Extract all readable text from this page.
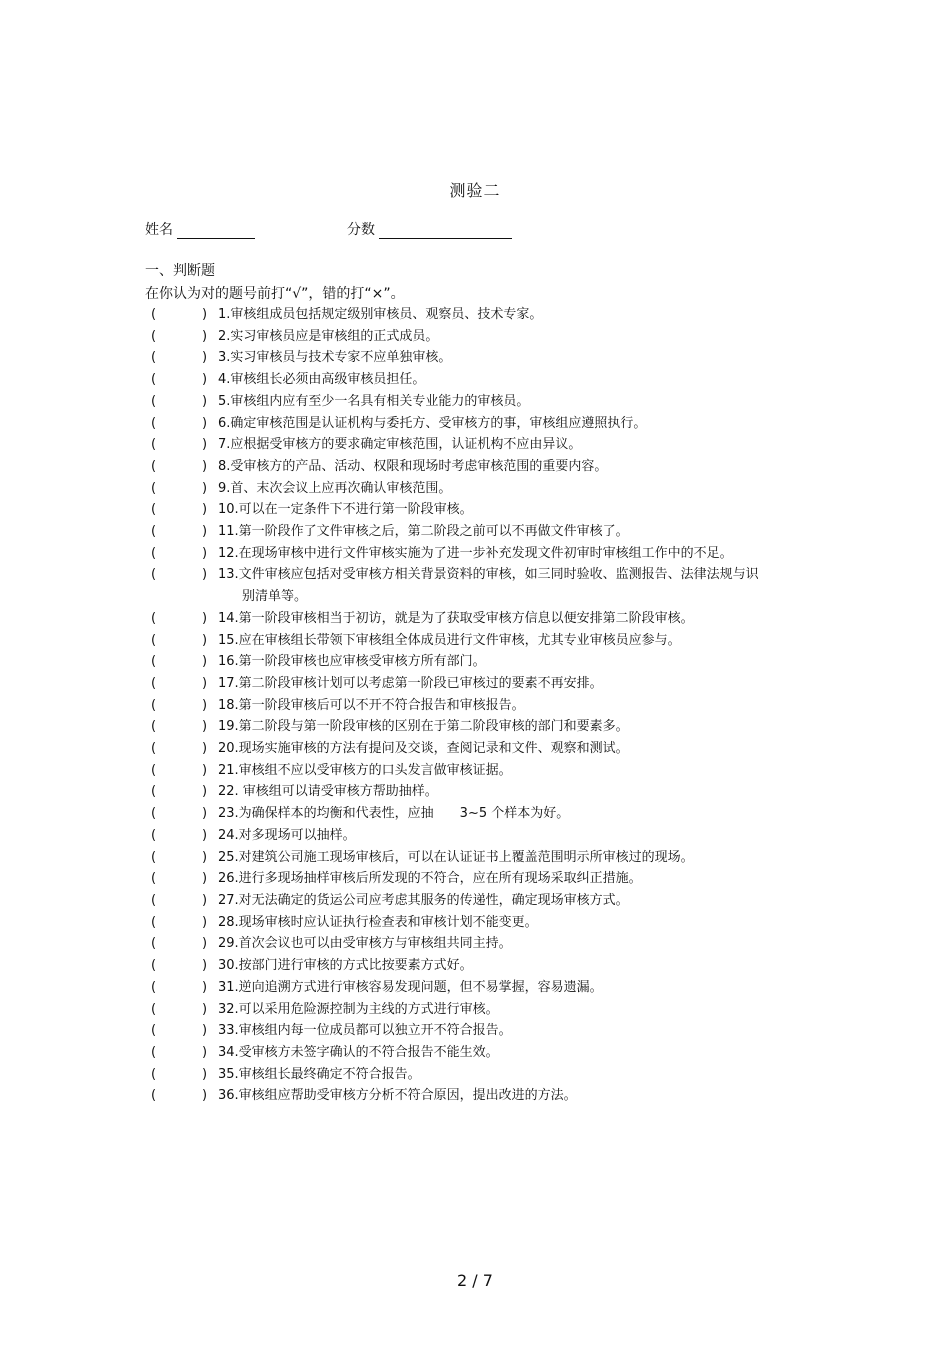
测验二
姓名	分数
一、判断题
在你认为对的题号前打“√”，错的打“×”。
(	) 1.审核组成员包括规定级别审核员、观察员、技术专家。
(	) 2.实习审核员应是审核组的正式成员。
(	) 3.实习审核员与技术专家不应单独审核。
(	) 4.审核组长必须由高级审核员担任。
(	) 5.审核组内应有至少一名具有相关专业能力的审核员。
(	) 6.确定审核范围是认证机构与委托方、受审核方的事，审核组应遵照执行。
(	) 7.应根据受审核方的要求确定审核范围，认证机构不应由异议。
(	) 8.受审核方的产品、活动、权限和现场时考虑审核范围的重要内容。
(	) 9.首、末次会议上应再次确认审核范围。
(	) 10.可以在一定条件下不进行第一阶段审核。
(	) 11.第一阶段作了文件审核之后，第二阶段之前可以不再做文件审核了。
(	) 12.在现场审核中进行文件审核实施为了进一步补充发现文件初审时审核组工作中的不足。
(	) 13.文件审核应包括对受审核方相关背景资料的审核，如三同时验收、监测报告、法律法规与识别清单等。
(	) 14.第一阶段审核相当于初访，就是为了获取受审核方信息以便安排第二阶段审核。
(	) 15.应在审核组长带领下审核组全体成员进行文件审核，尤其专业审核员应参与。
(	) 16.第一阶段审核也应审核受审核方所有部门。
(	) 17.第二阶段审核计划可以考虑第一阶段已审核过的要素不再安排。
(	) 18.第一阶段审核后可以不开不符合报告和审核报告。
(	) 19.第二阶段与第一阶段审核的区别在于第二阶段审核的部门和要素多。
(	) 20.现场实施审核的方法有提问及交谈，查阅记录和文件、观察和测试。
(	) 21.审核组不应以受审核方的口头发言做审核证据。
(	) 22. 审核组可以请受审核方帮助抽样。
(	) 23.为确保样本的均衡和代表性，应抽　　3~5 个样本为好。
(	) 24.对多现场可以抽样。
(	) 25.对建筑公司施工现场审核后，可以在认证证书上覆盖范围明示所审核过的现场。
(	) 26.进行多现场抽样审核后所发现的不符合，应在所有现场采取纠正措施。
(	) 27.对无法确定的货运公司应考虑其服务的传递性，确定现场审核方式。
(	) 28.现场审核时应认证执行检查表和审核计划不能变更。
(	) 29.首次会议也可以由受审核方与审核组共同主持。
(	) 30.按部门进行审核的方式比按要素方式好。
(	) 31.逆向追溯方式进行审核容易发现问题，但不易掌握，容易遗漏。
(	) 32.可以采用危险源控制为主线的方式进行审核。
(	) 33.审核组内每一位成员都可以独立开不符合报告。
(	) 34.受审核方未签字确认的不符合报告不能生效。
(	) 35.审核组长最终确定不符合报告。
(	) 36.审核组应帮助受审核方分析不符合原因，提出改进的方法。
2 / 7
